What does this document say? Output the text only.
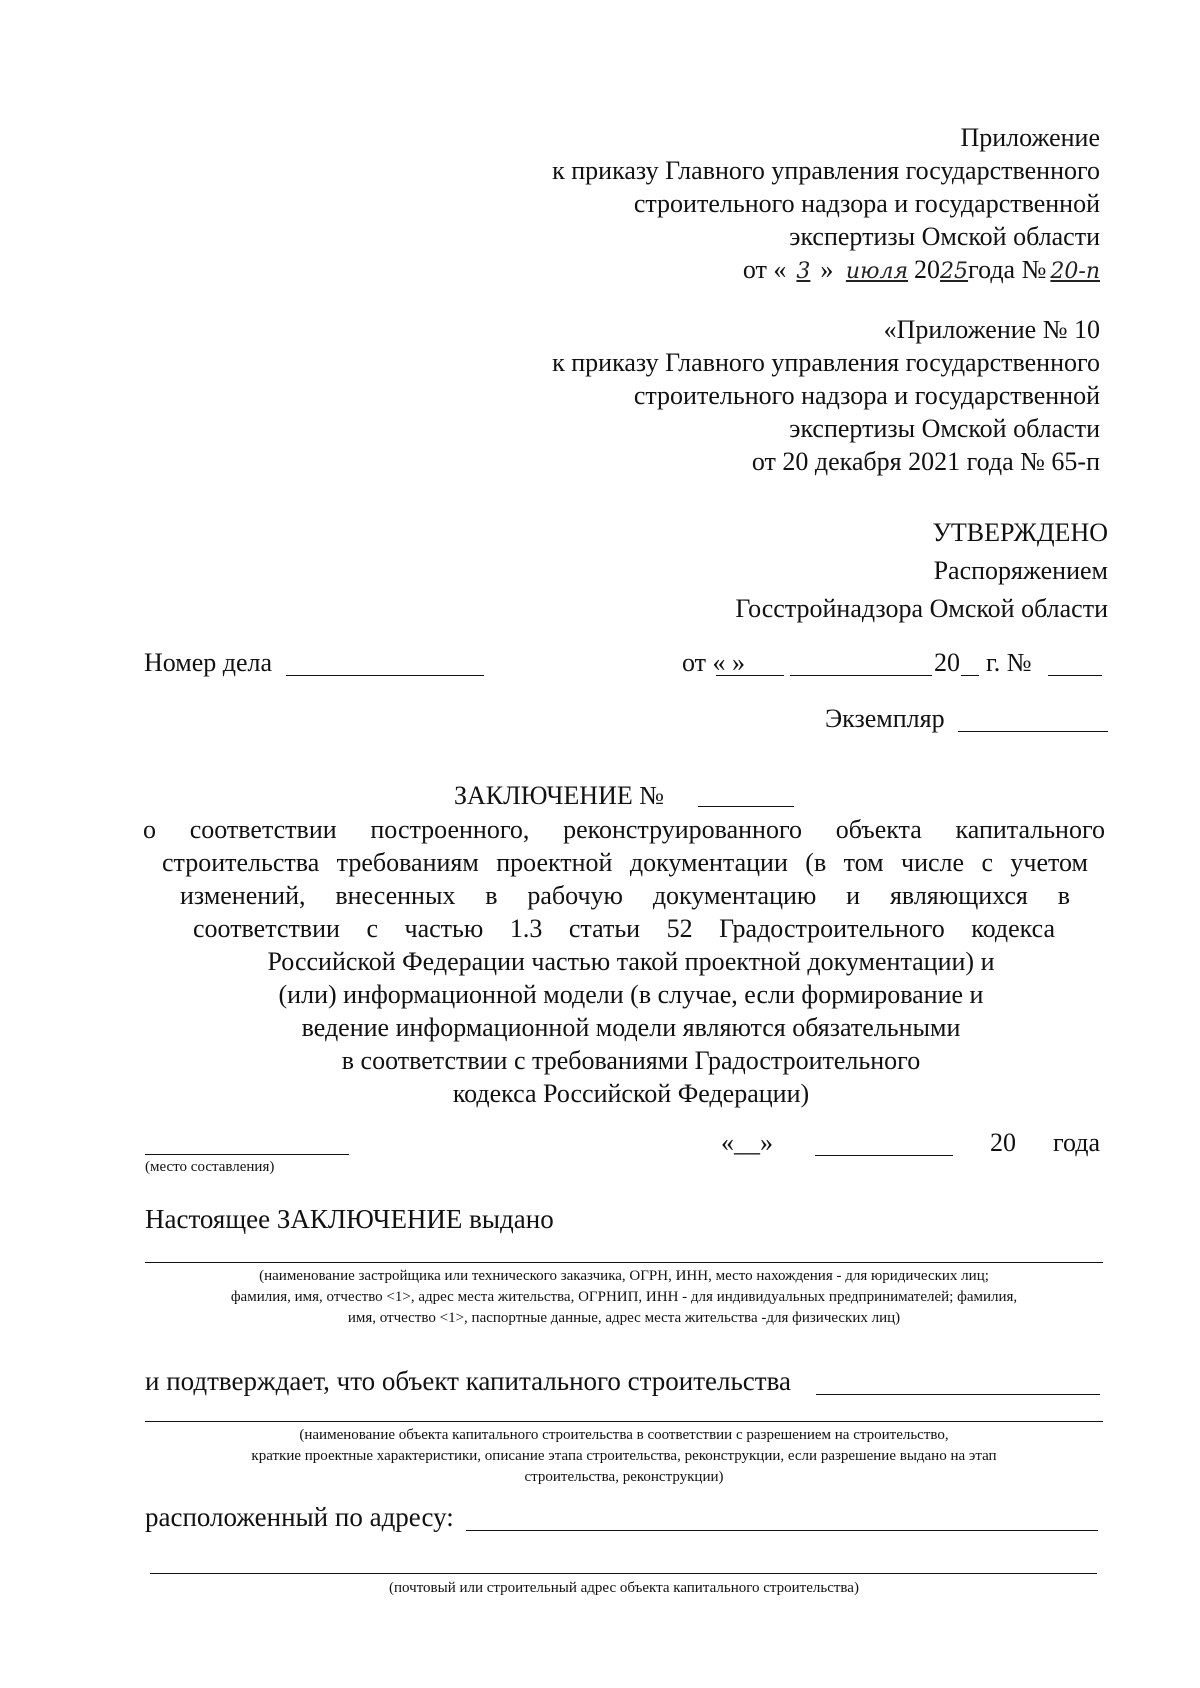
Приложение
к приказу Главного управления государственного
строительного надзора и государственной
экспертизы Омской области
от « 3 » июля 2025года № 20-п
«Приложение № 10
к приказу Главного управления государственного
строительного надзора и государственной
экспертизы Омской области
от 20 декабря 2021 года № 65-п
УТВЕРЖДЕНО
Распоряжением
Госстройнадзора Омской области
Номер дела	от « »	20 г. №
Экземпляр
ЗАКЛЮЧЕНИЕ №
о соответствии построенного, реконструированного объекта капитального
строительства требованиям проектной документации (в том числе с учетом
изменений, внесенных в рабочую документацию и являющихся в
соответствии с частью 1.3 статьи 52 Градостроительного кодекса
Российской Федерации частью такой проектной документации) и
(или) информационной модели (в случае, если формирование и
ведение информационной модели являются обязательными
в соответствии с требованиями Градостроительного
кодекса Российской Федерации)
(место составления)
«__»	20 года
Настоящее ЗАКЛЮЧЕНИЕ выдано
(наименование застройщика или технического заказчика, ОГРН, ИНН, место нахождения - для юридических лиц;
фамилия, имя, отчество <1>, адрес места жительства, ОГРНИП, ИНН - для индивидуальных предпринимателей; фамилия,
имя, отчество <1>, паспортные данные, адрес места жительства -для физических лиц)
и подтверждает, что объект капитального строительства
(наименование объекта капитального строительства в соответствии с разрешением на строительство,
краткие проектные характеристики, описание этапа строительства, реконструкции, если разрешение выдано на этап
строительства, реконструкции)
расположенный по адресу:
(почтовый или строительный адрес объекта капитального строительства)
